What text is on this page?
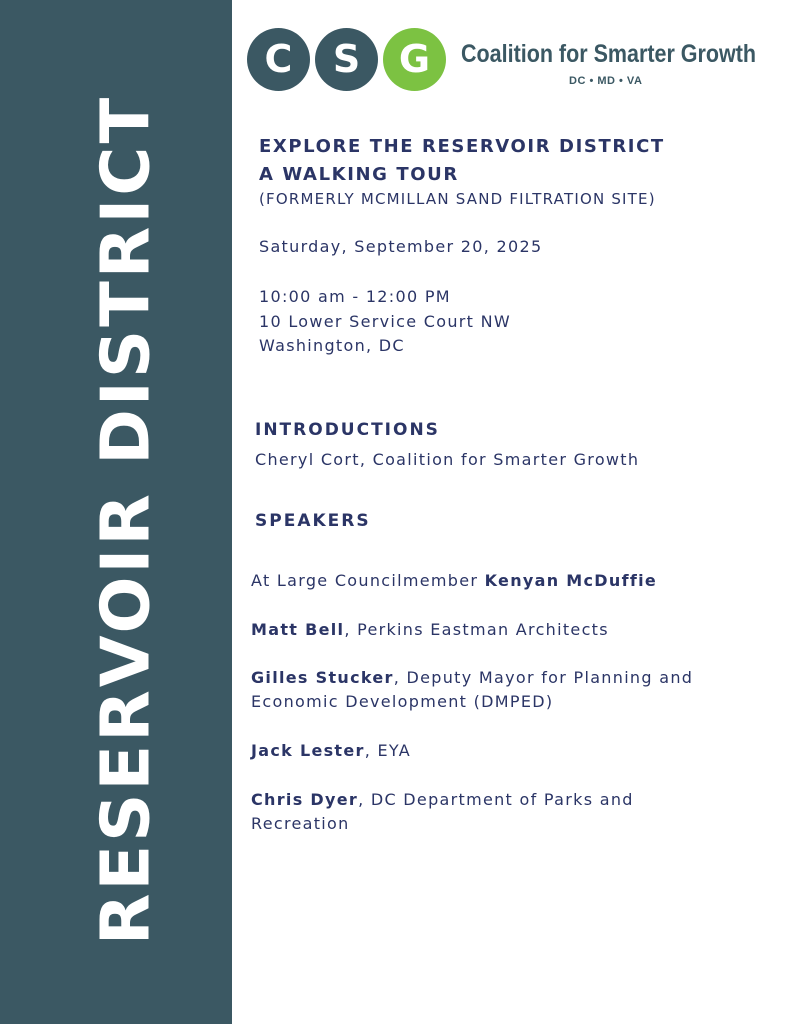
RESERVOIR DISTRICT
C	S	G	Coalition for Smarter Growth
DC • MD • VA
EXPLORE THE RESERVOIR DISTRICT
A WALKING TOUR
(FORMERLY MCMILLAN SAND FILTRATION SITE)
Saturday, September 20, 2025
10:00 am - 12:00 PM
10 Lower Service Court NW
Washington, DC
INTRODUCTIONS
Cheryl Cort, Coalition for Smarter Growth
SPEAKERS
At Large Councilmember Kenyan McDuffie
Matt Bell, Perkins Eastman Architects
Gilles Stucker, Deputy Mayor for Planning and Economic Development (DMPED)
Jack Lester, EYA
Chris Dyer, DC Department of Parks and Recreation
